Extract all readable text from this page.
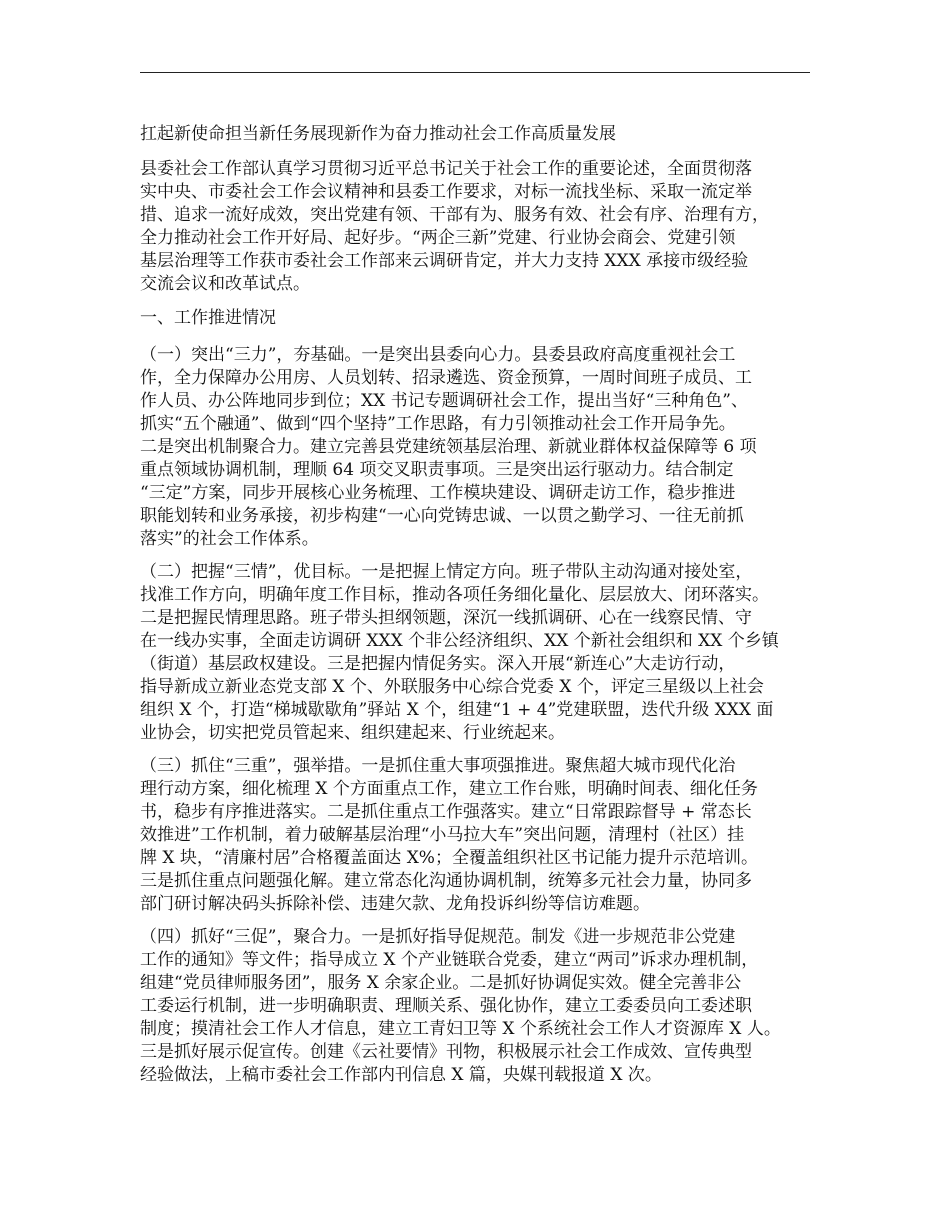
扛起新使命担当新任务展现新作为奋力推动社会工作高质量发展
县委社会工作部认真学习贯彻习近平总书记关于社会工作的重要论述，全面贯彻落
实中央、市委社会工作会议精神和县委工作要求，对标一流找坐标、采取一流定举
措、追求一流好成效，突出党建有领、干部有为、服务有效、社会有序、治理有方，
全力推动社会工作开好局、起好步。“两企三新”党建、行业协会商会、党建引领
基层治理等工作获市委社会工作部来云调研肯定，并大力支持 XXX 承接市级经验
交流会议和改革试点。
一、工作推进情况
（一）突出“三力”，夯基础。一是突出县委向心力。县委县政府高度重视社会工
作，全力保障办公用房、人员划转、招录遴选、资金预算，一周时间班子成员、工
作人员、办公阵地同步到位；XX 书记专题调研社会工作，提出当好“三种角色”、
抓实“五个融通”、做到“四个坚持”工作思路，有力引领推动社会工作开局争先。
二是突出机制聚合力。建立完善县党建统领基层治理、新就业群体权益保障等 6 项
重点领域协调机制，理顺 64 项交叉职责事项。三是突出运行驱动力。结合制定
“三定”方案，同步开展核心业务梳理、工作模块建设、调研走访工作，稳步推进
职能划转和业务承接，初步构建“一心向党铸忠诚、一以贯之勤学习、一往无前抓
落实”的社会工作体系。
（二）把握“三情”，优目标。一是把握上情定方向。班子带队主动沟通对接处室，
找准工作方向，明确年度工作目标，推动各项任务细化量化、层层放大、闭环落实。
二是把握民情理思路。班子带头担纲领题，深沉一线抓调研、心在一线察民情、守
在一线办实事，全面走访调研 XXX 个非公经济组织、XX 个新社会组织和 XX 个乡镇
（街道）基层政权建设。三是把握内情促务实。深入开展“新连心”大走访行动，
指导新成立新业态党支部 X 个、外联服务中心综合党委 X 个，评定三星级以上社会
组织 X 个，打造“梯城歇歇角”驿站 X 个，组建“1 + 4”党建联盟，迭代升级 XXX 面
业协会，切实把党员管起来、组织建起来、行业统起来。
（三）抓住“三重”，强举措。一是抓住重大事项强推进。聚焦超大城市现代化治
理行动方案，细化梳理 X 个方面重点工作，建立工作台账，明确时间表、细化任务
书，稳步有序推进落实。二是抓住重点工作强落实。建立“日常跟踪督导 + 常态长
效推进”工作机制，着力破解基层治理“小马拉大车”突出问题，清理村（社区）挂
牌 X 块，“清廉村居”合格覆盖面达 X%；全覆盖组织社区书记能力提升示范培训。
三是抓住重点问题强化解。建立常态化沟通协调机制，统筹多元社会力量，协同多
部门研讨解决码头拆除补偿、违建欠款、龙角投诉纠纷等信访难题。
（四）抓好“三促”，聚合力。一是抓好指导促规范。制发《进一步规范非公党建
工作的通知》等文件；指导成立 X 个产业链联合党委，建立“两司”诉求办理机制，
组建“党员律师服务团”，服务 X 余家企业。二是抓好协调促实效。健全完善非公
工委运行机制，进一步明确职责、理顺关系、强化协作，建立工委委员向工委述职
制度；摸清社会工作人才信息，建立工青妇卫等 X 个系统社会工作人才资源库 X 人。
三是抓好展示促宣传。创建《云社要情》刊物，积极展示社会工作成效、宣传典型
经验做法，上稿市委社会工作部内刊信息 X 篇，央媒刊载报道 X 次。
